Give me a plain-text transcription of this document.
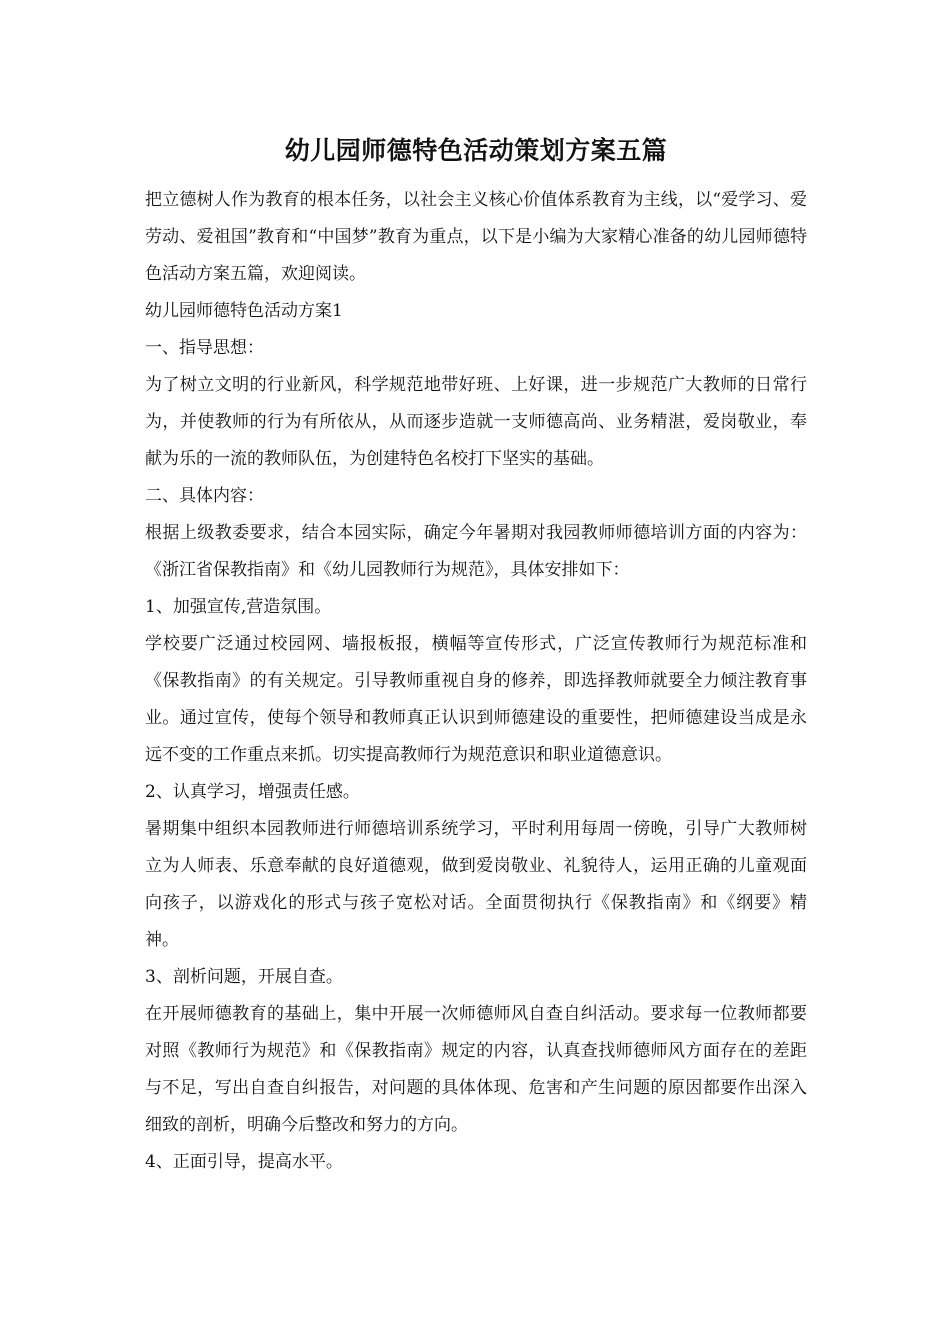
幼儿园师德特色活动策划方案五篇

把立德树人作为教育的根本任务，以社会主义核心价值体系教育为主线，以“爱学习、爱劳动、爱祖国”教育和“中国梦”教育为重点，以下是小编为大家精心准备的幼儿园师德特色活动方案五篇，欢迎阅读。

幼儿园师德特色活动方案1

一、指导思想：

为了树立文明的行业新风，科学规范地带好班、上好课，进一步规范广大教师的日常行为，并使教师的行为有所依从，从而逐步造就一支师德高尚、业务精湛，爱岗敬业，奉献为乐的一流的教师队伍，为创建特色名校打下坚实的基础。

二、具体内容：

根据上级教委要求，结合本园实际，确定今年暑期对我园教师师德培训方面的内容为：《浙江省保教指南》和《幼儿园教师行为规范》，具体安排如下：

1、加强宣传,营造氛围。

学校要广泛通过校园网、墙报板报，横幅等宣传形式，广泛宣传教师行为规范标准和《保教指南》的有关规定。引导教师重视自身的修养，即选择教师就要全力倾注教育事业。通过宣传，使每个领导和教师真正认识到师德建设的重要性，把师德建设当成是永远不变的工作重点来抓。切实提高教师行为规范意识和职业道德意识。

2、认真学习，增强责任感。

暑期集中组织本园教师进行师德培训系统学习，平时利用每周一傍晚，引导广大教师树立为人师表、乐意奉献的良好道德观，做到爱岗敬业、礼貌待人，运用正确的儿童观面向孩子，以游戏化的形式与孩子宽松对话。全面贯彻执行《保教指南》和《纲要》精神。

3、剖析问题，开展自查。

在开展师德教育的基础上，集中开展一次师德师风自查自纠活动。要求每一位教师都要对照《教师行为规范》和《保教指南》规定的内容，认真查找师德师风方面存在的差距与不足，写出自查自纠报告，对问题的具体体现、危害和产生问题的原因都要作出深入细致的剖析，明确今后整改和努力的方向。

4、正面引导，提高水平。
